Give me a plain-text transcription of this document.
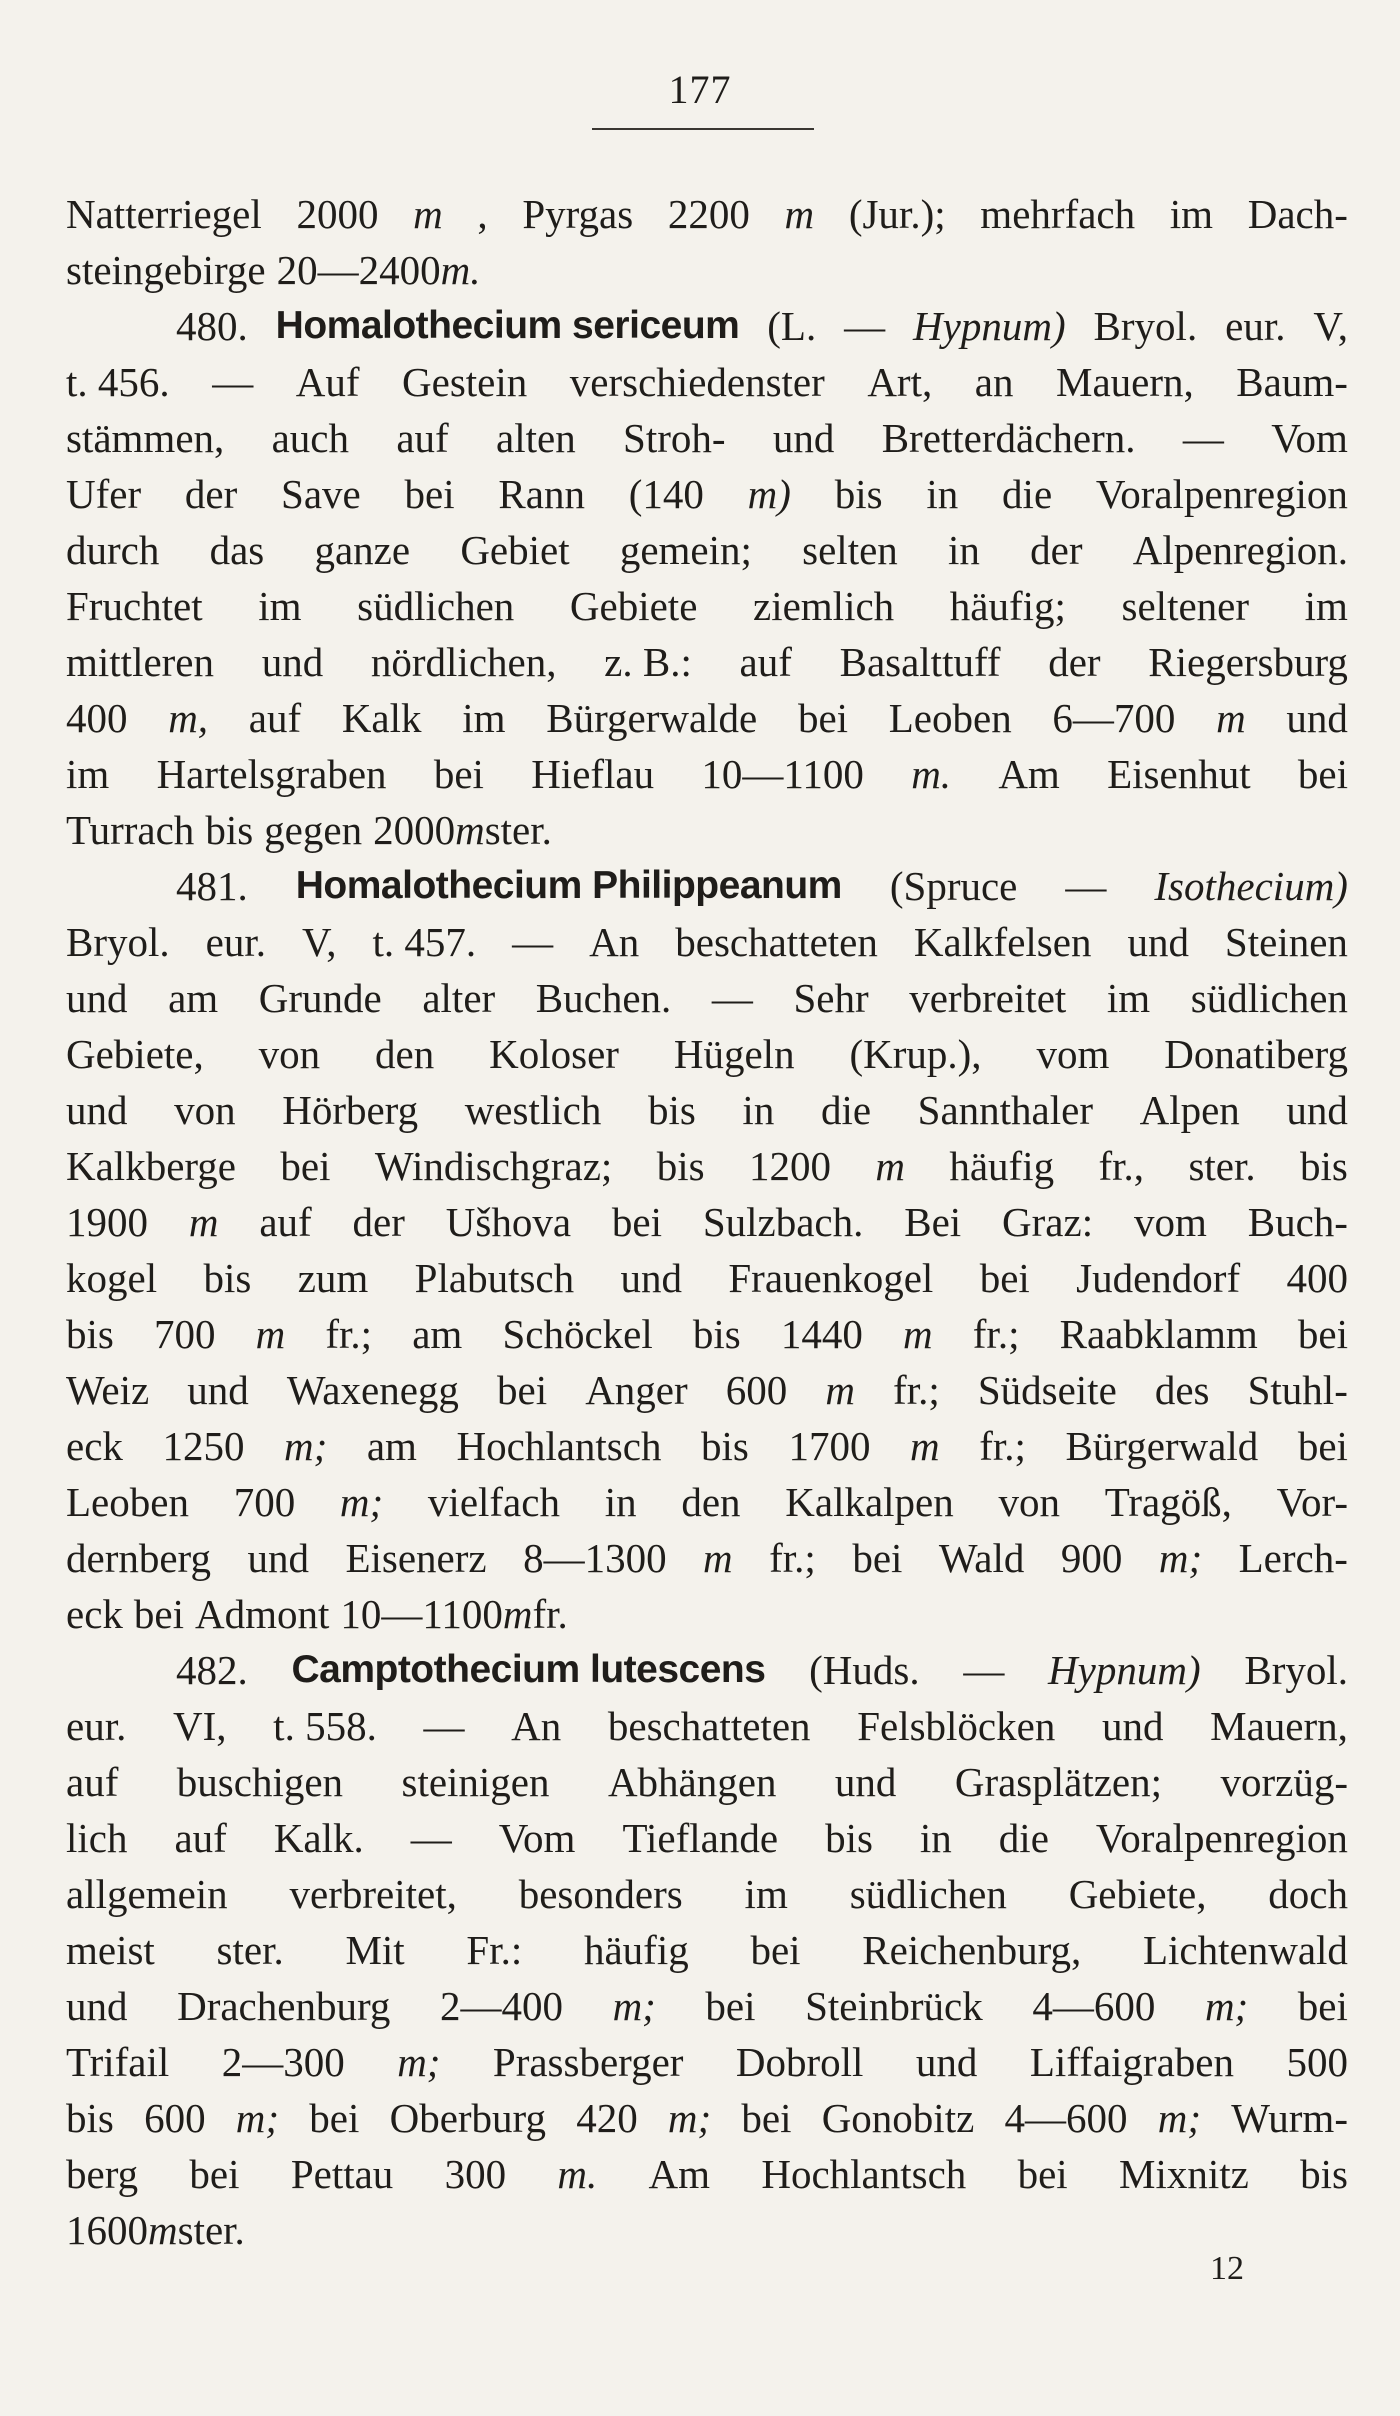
177
Natterriegel 2000 m , Pyrgas 2200 m (Jur.); mehrfach im Dach-
steingebirge 20—2400 m.
480. Homalothecium sericeum (L. — Hypnum) Bryol. eur. V,
t. 456. — Auf Gestein verschiedenster Art, an Mauern, Baum-
stämmen, auch auf alten Stroh- und Bretterdächern. — Vom
Ufer der Save bei Rann (140 m) bis in die Voralpenregion
durch das ganze Gebiet gemein; selten in der Alpenregion.
Fruchtet im südlichen Gebiete ziemlich häufig; seltener im
mittleren und nördlichen, z. B.: auf Basalttuff der Riegersburg
400 m, auf Kalk im Bürgerwalde bei Leoben 6—700 m und
im Hartelsgraben bei Hieflau 10—1100 m. Am Eisenhut bei
Turrach bis gegen 2000 m ster.
481. Homalothecium Philippeanum (Spruce — Isothecium)
Bryol. eur. V, t. 457. — An beschatteten Kalkfelsen und Steinen
und am Grunde alter Buchen. — Sehr verbreitet im südlichen
Gebiete, von den Koloser Hügeln (Krup.), vom Donatiberg
und von Hörberg westlich bis in die Sannthaler Alpen und
Kalkberge bei Windischgraz; bis 1200 m häufig fr., ster. bis
1900 m auf der Ušhova bei Sulzbach. Bei Graz: vom Buch-
kogel bis zum Plabutsch und Frauenkogel bei Judendorf 400
bis 700 m fr.; am Schöckel bis 1440 m fr.; Raabklamm bei
Weiz und Waxenegg bei Anger 600 m fr.; Südseite des Stuhl-
eck 1250 m; am Hochlantsch bis 1700 m fr.; Bürgerwald bei
Leoben 700 m; vielfach in den Kalkalpen von Tragöß, Vor-
dernberg und Eisenerz 8—1300 m fr.; bei Wald 900 m; Lerch-
eck bei Admont 10—1100 m fr.
482. Camptothecium lutescens (Huds. — Hypnum) Bryol.
eur. VI, t. 558. — An beschatteten Felsblöcken und Mauern,
auf buschigen steinigen Abhängen und Grasplätzen; vorzüg-
lich auf Kalk. — Vom Tieflande bis in die Voralpenregion
allgemein verbreitet, besonders im südlichen Gebiete, doch
meist ster. Mit Fr.: häufig bei Reichenburg, Lichtenwald
und Drachenburg 2—400 m; bei Steinbrück 4—600 m; bei
Trifail 2—300 m; Prassberger Dobroll und Liffaigraben 500
bis 600 m; bei Oberburg 420 m; bei Gonobitz 4—600 m; Wurm-
berg bei Pettau 300 m. Am Hochlantsch bei Mixnitz bis
1600 m ster.
12
